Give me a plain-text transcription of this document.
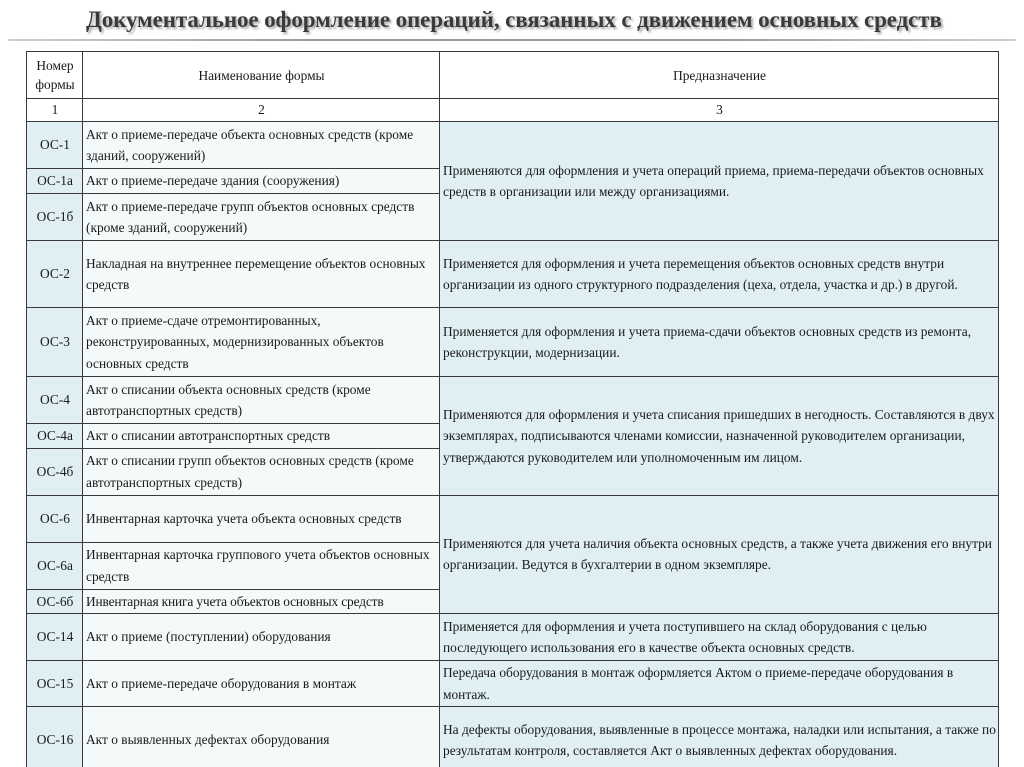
Документальное оформление операций, связанных с движением основных средств
Номер формы	Наименование формы	Предназначение
1	2	3
ОС-1	Акт о приеме-передаче объекта основных средств (кроме зданий, сооружений)	Применяются для оформления и учета операций приема, приема-передачи объектов основных средств в организации или между организациями.
ОС-1а	Акт о приеме-передаче здания (сооружения)	
ОС-1б	Акт о приеме-передаче групп объектов основных средств (кроме зданий, сооружений)	
ОС-2	Накладная на внутреннее перемещение объектов основных средств	Применяется для оформления и учета перемещения объектов основных средств внутри организации из одного структурного подразделения (цеха, отдела, участка и др.) в другой.
ОС-3	Акт о приеме-сдаче отремонтированных, реконструированных, модернизированных объектов основных средств	Применяется для оформления и учета приема-сдачи объектов основных средств из ремонта, реконструкции, модернизации.
ОС-4	Акт о списании объекта основных средств (кроме автотранспортных средств)	Применяются для оформления и учета списания пришедших в негодность. Составляются в двух экземплярах, подписываются членами комиссии, назначенной руководителем организации, утверждаются руководителем или уполномоченным им лицом.
ОС-4а	Акт о списании автотранспортных средств	
ОС-4б	Акт о списании групп объектов основных средств (кроме автотранспортных средств)	
ОС-6	Инвентарная карточка учета объекта основных средств	Применяются для учета наличия объекта основных средств, а также учета движения его внутри организации. Ведутся в бухгалтерии в одном экземпляре.
ОС-6а	Инвентарная карточка группового учета объектов основных средств	
ОС-6б	Инвентарная книга учета объектов основных средств	
ОС-14	Акт о приеме (поступлении) оборудования	Применяется для оформления и учета поступившего на склад оборудования с целью последующего использования его в качестве объекта основных средств.
ОС-15	Акт о приеме-передаче оборудования в монтаж	Передача оборудования в монтаж оформляется Актом о приеме-передаче оборудования в монтаж.
ОС-16	Акт о выявленных дефектах оборудования	На дефекты оборудования, выявленные в процессе монтажа, наладки или испытания, а также по результатам контроля, составляется Акт о выявленных дефектах оборудования.
